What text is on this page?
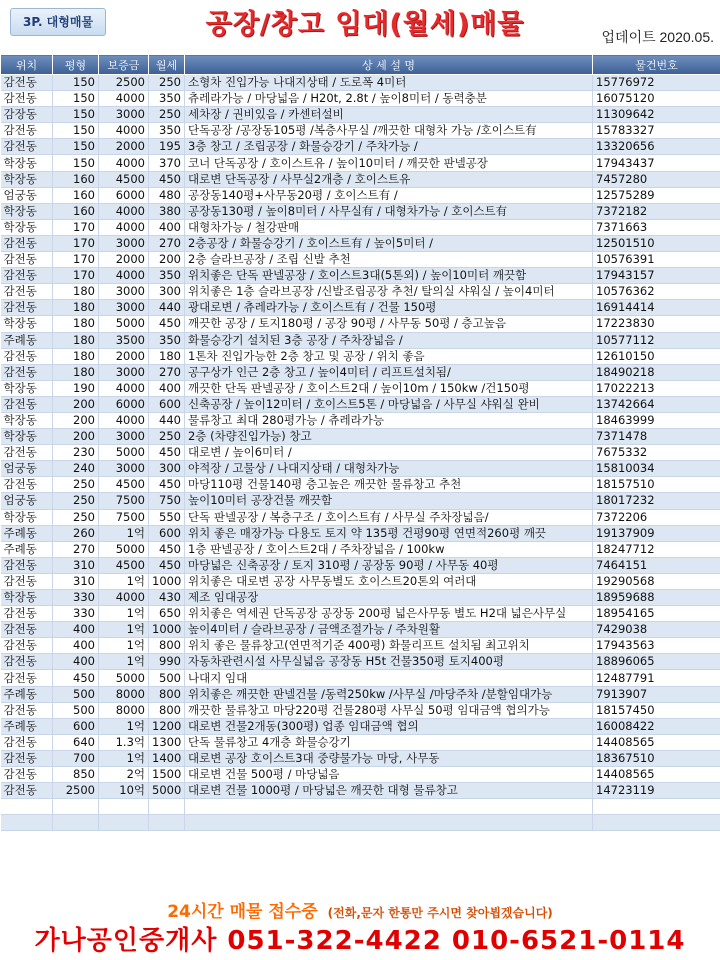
3P. 대형매물	공장/창고 임대(월세)매물	업데이트 2020.05.
위치	평형	보증금	월세	상 세 설 명	물건번호
감전동	150	2500	250	소형차 진입가능 나대지상태 / 도로폭 4미터	15776972
감전동	150	4000	350	츄레라가능 / 마당넓음 / H20t, 2.8t / 높이8미터 / 동력충분	16075120
감장동	150	3000	250	세차장 / 권비있음 / 카센터설비	11309642
감전동	150	4000	350	단독공장 /공장동105평 /복층사무실 /깨끗한 대형차 가능 /호이스트有	15783327
감전동	150	2000	195	3층 창고 / 조립공장 / 화물승강기 / 주차가능 /	13320656
학장동	150	4000	370	코너 단독공장 / 호이스트유 / 높이10미터 / 깨끗한 판넬공장	17943437
학장동	160	4500	450	대로변 단독공장 / 사무실2개층 / 호이스트유	7457280
엄궁동	160	6000	480	공장동140평+사무동20평 / 호이스트有 /	12575289
학장동	160	4000	380	공장동130평 / 높이8미터 / 사무실有 / 대형차가능 / 호이스트有	7372182
학장동	170	4000	400	대형차가능 / 철강판매	7371663
감전동	170	3000	270	2층공장 / 화물승강기 / 호이스트有 / 높이5미터 /	12501510
감전동	170	2000	200	2층 슬라브공장 / 조립 신발 추천	10576391
감전동	170	4000	350	위치좋은 단독 판넬공장 / 호이스트3대(5톤외) / 높이10미터 깨끗함	17943157
감전동	180	3000	300	위치좋은 1층 슬라브공장 /신발조립공장 추천/ 탈의실 샤워실 / 높이4미터	10576362
감전동	180	3000	440	광대로변 / 츄레라가능 / 호이스트有 / 건물 150평	16914414
학장동	180	5000	450	깨끗한 공장 / 토지180평 / 공장 90평 / 사무동 50평 / 층고높음	17223830
주례동	180	3500	350	화물승강기 설치된 3층 공장 / 주차장넓음 /	10577112
감전동	180	2000	180	1톤차 진입가능한 2층 창고 및 공장 / 위치 좋음	12610150
감전동	180	3000	270	공구상가 인근 2층 창고 / 높이4미터 / 리프트설치됨/	18490218
학장동	190	4000	400	깨끗한 단독 판넬공장 / 호이스트2대 / 높이10m / 150kw /건150평	17022213
감전동	200	6000	600	신축공장 / 높이12미터 / 호이스트5톤 / 마당넓음 / 사무실 샤워실 완비	13742664
학장동	200	4000	440	물류창고 최대 280평가능 / 츄레라가능	18463999
학장동	200	3000	250	2층 (차량진입가능) 창고	7371478
감전동	230	5000	450	대로변 / 높이6미터 /	7675332
엄궁동	240	3000	300	야적장 / 고물상 / 나대지상태 / 대형차가능	15810034
감전동	250	4500	450	마당110평 건물140평 층고높은 깨끗한 물류창고 추천	18157510
엄궁동	250	7500	750	높이10미터 공장건물 깨끗함	18017232
학장동	250	7500	550	단독 판넬공장 / 복층구조 / 호이스트有 / 사무실 주차장넓음/	7372206
주례동	260	1억	600	위치 좋은 매장가능 다용도 토지 약 135평 건평90평 연면적260평 깨끗	19137909
주례동	270	5000	450	1층 판넬공장 / 호이스트2대 / 주차장넓음 / 100kw	18247712
감전동	310	4500	450	마당넓은 신축공장 / 토지 310평 / 공장동 90평 / 사무동 40평	7464151
감전동	310	1억	1000	위치좋은 대로변 공장 사무동별도 호이스트20톤외 여러대	19290568
학장동	330	4000	430	제조 임대공장	18959688
감전동	330	1억	650	위치좋은 역세권 단독공장 공장동 200평 넓은사무동 별도 H2대 넓은사무실	18954165
감전동	400	1억	1000	높이4미터 / 슬라브공장 / 금액조절가능 / 주차원활	7429038
감전동	400	1억	800	위치 좋은 물류창고(연면적기준 400평) 화물리프트 설치됨 최고위치	17943563
감전동	400	1억	990	자동차관련시설 사무실넓음 공장동 H5t 건물350평 토지400평	18896065
감전동	450	5000	500	나대지 임대	12487791
주례동	500	8000	800	위치좋은 깨끗한 판넬건물 /동력250kw /사무실 /마당주차 /분할임대가능	7913907
감전동	500	8000	800	깨끗한 물류창고 마당220평 건물280평 사무실 50평 임대금액 협의가능	18157450
주례동	600	1억	1200	대로변 건물2개동(300평) 업종 임대금액 협의	16008422
감전동	640	1.3억	1300	단독 물류창고 4개층 화물승강기	14408565
감전동	700	1억	1400	대로변 공장 호이스트3대 중량물가능 마당, 사무동	18367510
감전동	850	2억	1500	대로변 건물 500평 / 마당넓음	14408565
감전동	2500	10억	5000	대로변 건물 1000평 / 마당넓은 깨끗한 대형 물류창고	14723119

24시간 매물 접수중 (전화,문자 한통만 주시면 찾아뵙겠습니다)
가나공인중개사 051-322-4422 010-6521-0114
